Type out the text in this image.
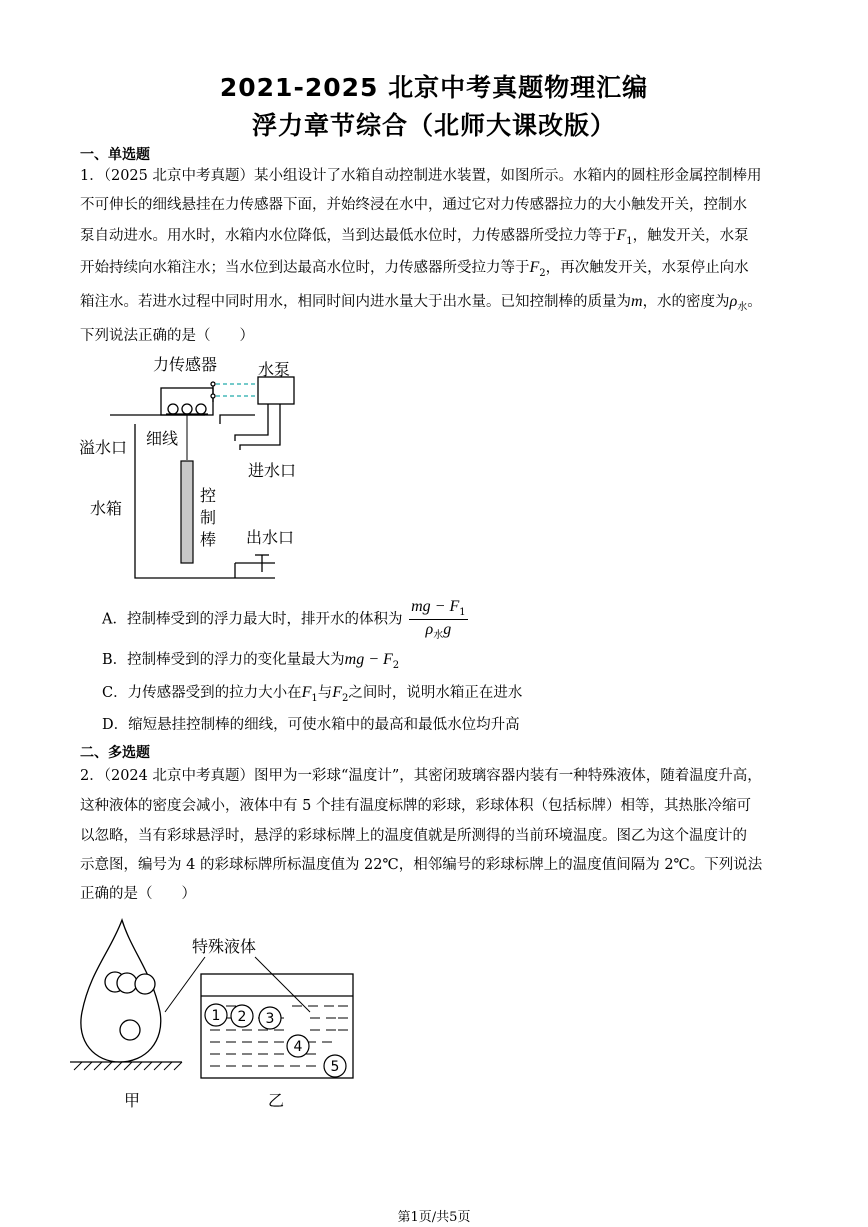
2021-2025 北京中考真题物理汇编
浮力章节综合（北师大课改版）
一、单选题
1．（2025 北京中考真题）某小组设计了水箱自动控制进水装置，如图所示。水箱内的圆柱形金属控制棒用
不可伸长的细线悬挂在力传感器下面，并始终浸在水中，通过它对力传感器拉力的大小触发开关，控制水
泵自动进水。用水时，水箱内水位降低，当到达最低水位时，力传感器所受拉力等于$F_1$，触发开关，水泵
开始持续向水箱注水；当水位到达最高水位时，力传感器所受拉力等于$F_2$，再次触发开关，水泵停止向水
箱注水。若进水过程中同时用水，相同时间内进水量大于出水量。已知控制棒的质量为m，水的密度为$\rho_水$。
下列说法正确的是（　　）
力传感器	水泵
溢水口 细线
进水口
水箱
控
制
棒 出水口
A．控制棒受到的浮力最大时，排开水的体积为 $\frac{mg - F_1}{\rho_水g}$
B．控制棒受到的浮力的变化量最大为mg − $F_2$
C．力传感器受到的拉力大小在$F_1$与$F_2$之间时，说明水箱正在进水
D．缩短悬挂控制棒的细线，可使水箱中的最高和最低水位均升高
二、多选题
2．（2024 北京中考真题）图甲为一彩球“温度计”，其密闭玻璃容器内装有一种特殊液体，随着温度升高，
这种液体的密度会减小，液体中有 5 个挂有温度标牌的彩球，彩球体积（包括标牌）相等，其热胀冷缩可
以忽略，当有彩球悬浮时，悬浮的彩球标牌上的温度值就是所测得的当前环境温度。图乙为这个温度计的
示意图，编号为 4 的彩球标牌所标温度值为 22℃，相邻编号的彩球标牌上的温度值间隔为 2℃。下列说法
正确的是（　　）
1 2 3
4
5
特殊液体
甲	乙
第1页/共5页
